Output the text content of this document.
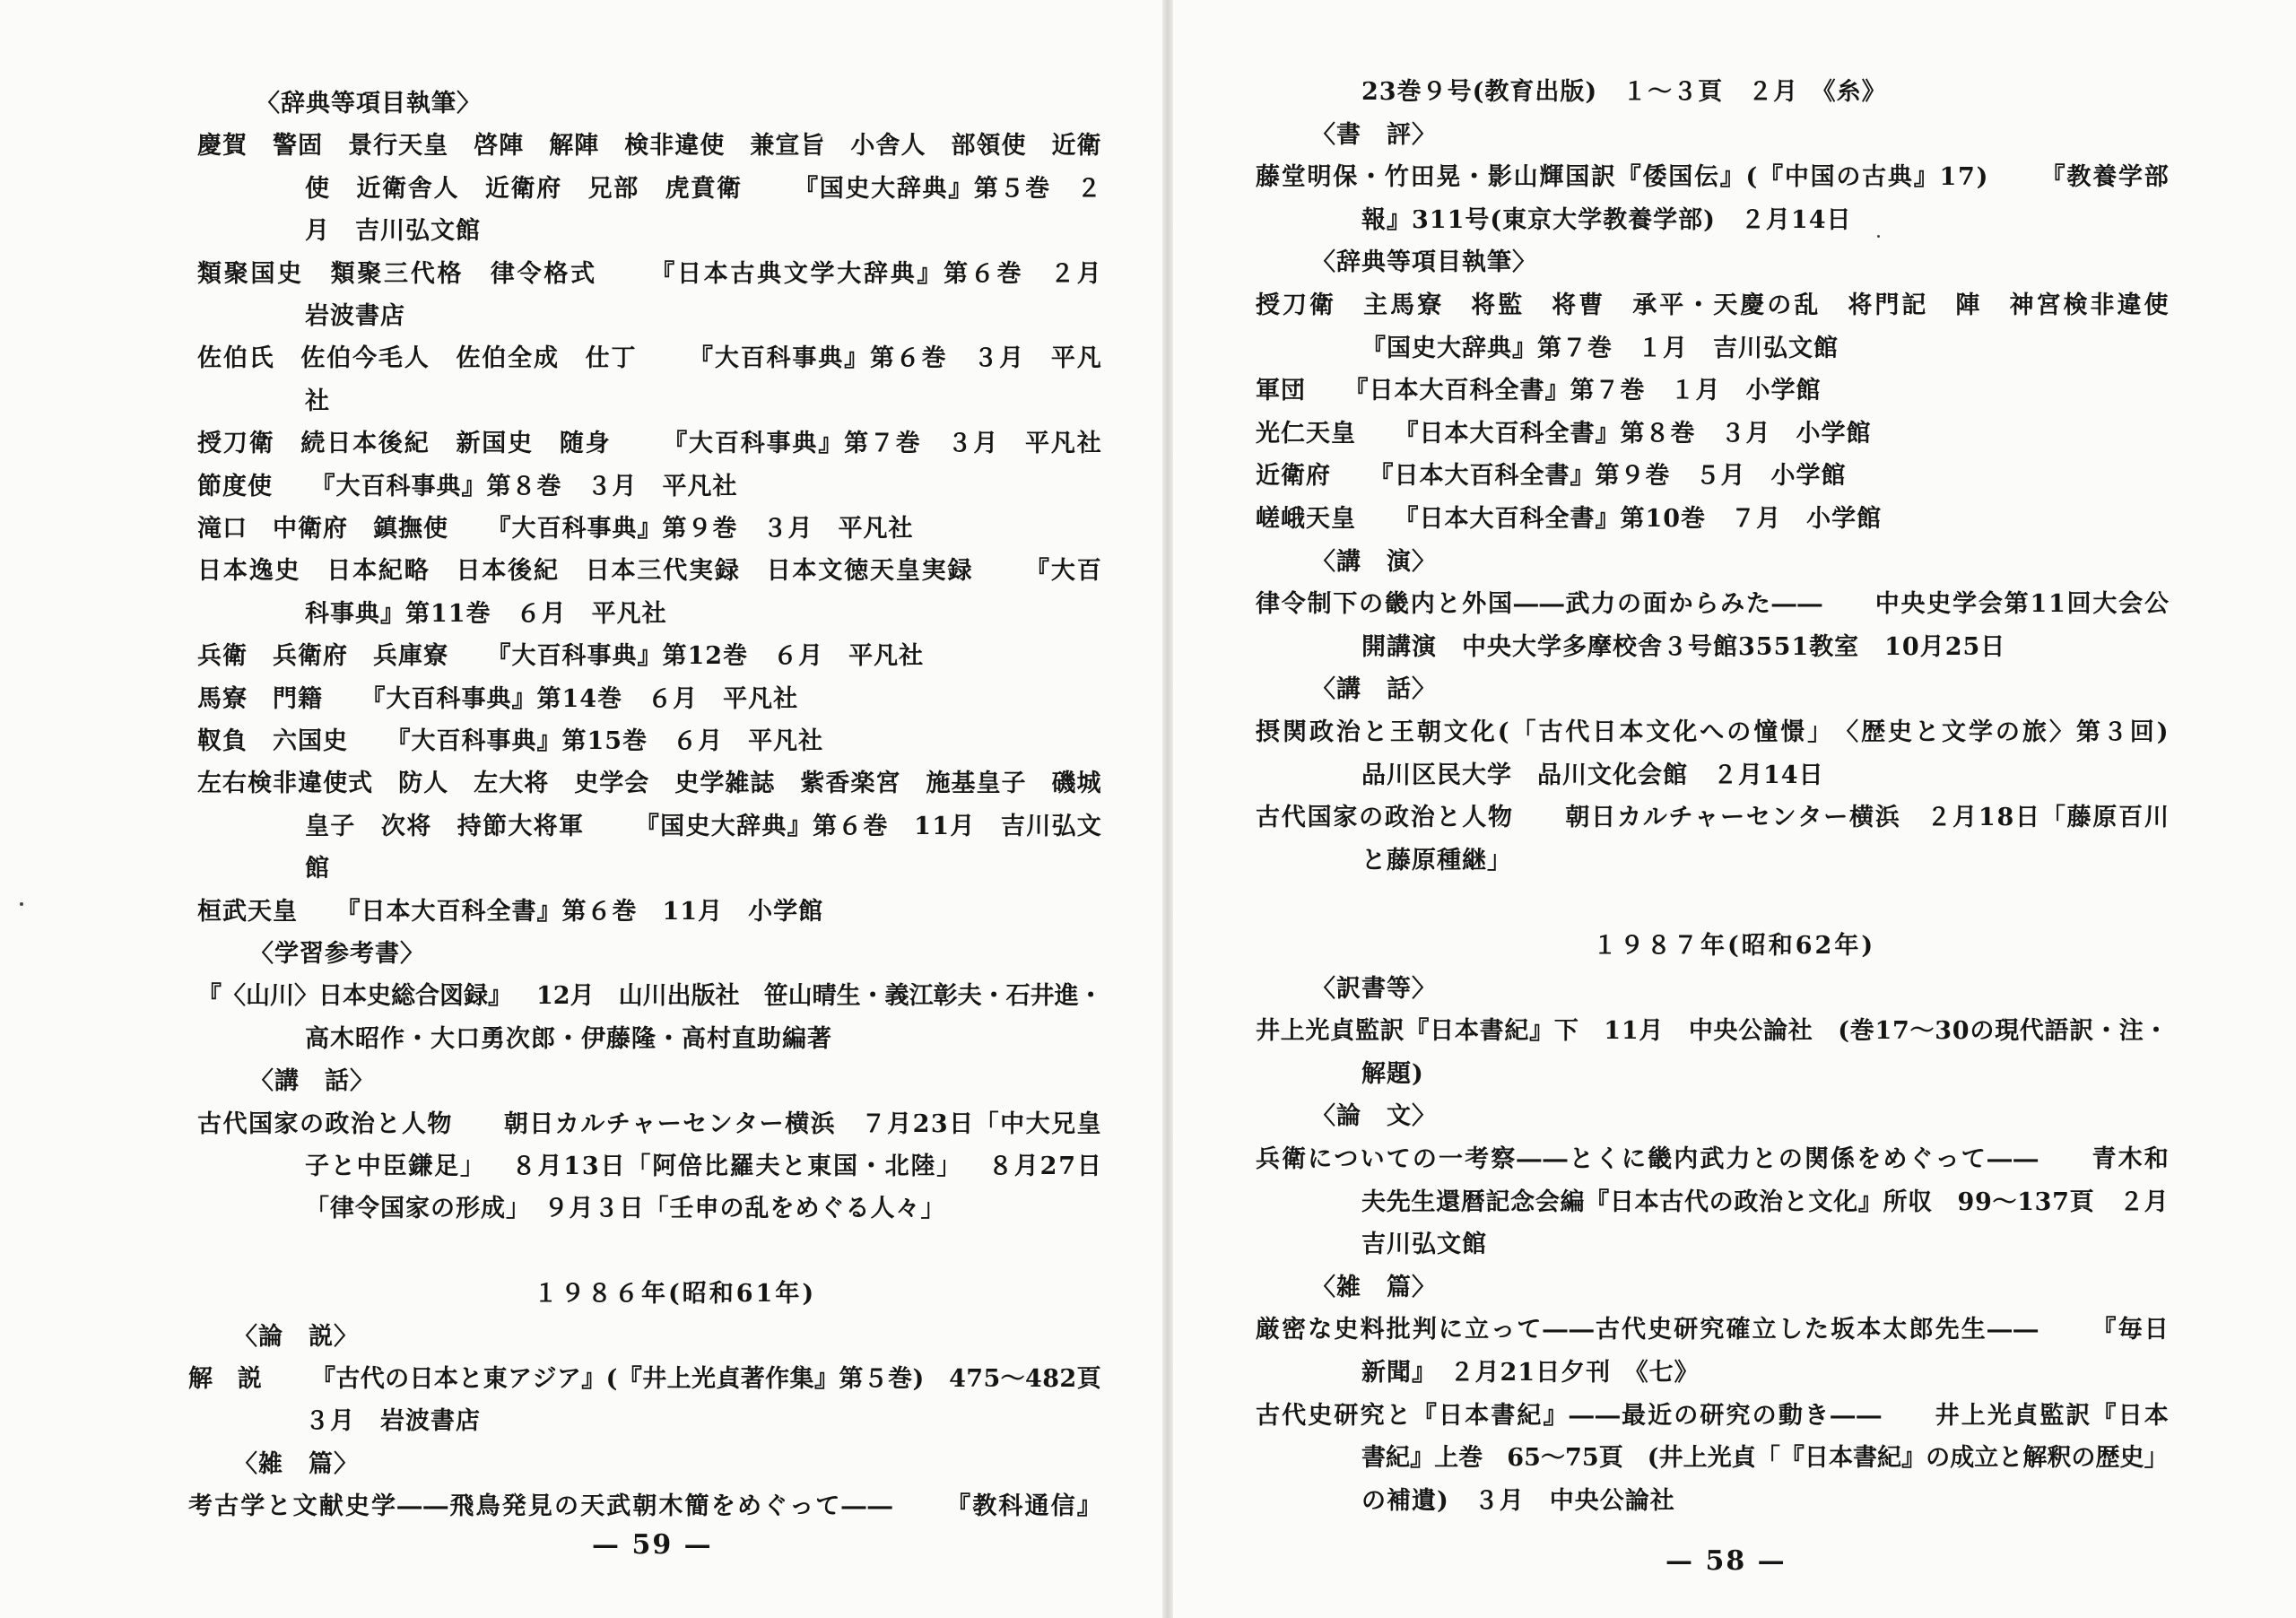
〈辞典等項目執筆〉
慶 賀
　 警 固
　 景 行 天 皇
　 啓 陣
　 解 陣
　 検 非 違 使
　 兼 宣 旨
　 小 舎 人
　 部 領 使
　 近 衛
使
　 近 衛 舎 人
　 近 衛 府
　 兄 部
　 虎 賁 衛

　 『 国 史 大 辞 典 』 第 ５ 巻
　 ２
月　吉川弘文館
類 聚 国 史
　 類 聚 三 代 格
　 律 令 格 式

　 『 日 本 古 典 文 学 大 辞 典 』 第 ６ 巻
　 ２ 月
岩波書店
佐 伯 氏
　 佐 伯 今 毛 人
　 佐 伯 全 成
　 仕 丁

　 『 大 百 科 事 典 』 第 ６ 巻
　 ３ 月
　 平 凡
社
授 刀 衛
　 続 日 本 後 紀
　 新 国 史
　 随 身

　 『 大 百 科 事 典 』 第 ７ 巻
　 ３ 月
　 平 凡 社
節度使　　『大百科事典』第８巻　３月　平凡社
滝口　中衛府　鎮撫使　　『大百科事典』第９巻　３月　平凡社
日 本 逸 史
　 日 本 紀 略
　 日 本 後 紀
　 日 本 三 代 実 録
　 日 本 文 徳 天 皇 実 録

　 『 大 百
科事典』第11巻　６月　平凡社
兵衛　兵衛府　兵庫寮　　『大百科事典』第12巻　６月　平凡社
馬寮　門籍　　『大百科事典』第14巻　６月　平凡社
靫負　六国史　　『大百科事典』第15巻　６月　平凡社
左 右 検 非 違 使 式
　 防 人
　 左 大 将
　 史 学 会
　 史 学 雑 誌
　 紫 香 楽 宮
　 施 基 皇 子
　 磯 城
皇 子
　 次 将
　 持 節 大 将 軍

　 『 国 史 大 辞 典 』 第 ６ 巻
　 1 1 月
　 吉 川 弘 文
館
桓武天皇　　『日本大百科全書』第６巻　11月　小学館
〈学習参考書〉
『 〈 山 川 〉 日 本 史 総 合 図 録 』
　 1 2 月
　 山 川 出 版 社
　 笹 山 晴 生 ・ 義 江 彰 夫 ・ 石 井 進 ・
高木昭作・大口勇次郎・伊藤隆・高村直助編著
〈講　話〉
古 代 国 家 の 政 治 と 人 物

　 朝 日 カ ル チ ャ ー セ ン タ ー 横 浜
　 ７ 月 2 3 日 「 中 大 兄 皇
子 と 中 臣 鎌 足 」
　 ８ 月 1 3 日 「 阿 倍 比 羅 夫 と 東 国 ・ 北 陸 」
　 ８ 月 2 7 日
「律令国家の形成」　９月３日「壬申の乱をめぐる人々」
１９８６年(昭和61年)
〈論　説〉
解
　 説

　 『 古 代 の 日 本 と 東 ア ジ ア 』 ( 『 井 上 光 貞 著 作 集 』 第 ５ 巻 )
　 4 7 5 ～ 4 8 2 頁
３月　岩波書店
〈雑　篇〉
考 古 学 と 文 献 史 学 ― ― 飛 鳥 発 見 の 天 武 朝 木 簡 を め ぐ っ て ― ―

　 『 教 科 通 信 』
— 59 —
23巻９号(教育出版)　１～３頁　２月　《糸》
〈書　評〉
藤 堂 明 保 ・ 竹 田 晃 ・ 影 山 輝 国 訳 『 倭 国 伝 』 ( 『 中 国 の 古 典 』 1 7 )

　 『 教 養 学 部
報』311号(東京大学教養学部)　２月14日
〈辞典等項目執筆〉
授 刀 衛
　 主 馬 寮
　 将 監
　 将 曹
　 承 平 ・ 天 慶 の 乱
　 将 門 記
　 陣
　 神 宮 検 非 違 使
『国史大辞典』第７巻　１月　吉川弘文館
軍団　　『日本大百科全書』第７巻　１月　小学館
光仁天皇　　『日本大百科全書』第８巻　３月　小学館
近衛府　　『日本大百科全書』第９巻　５月　小学館
嵯峨天皇　　『日本大百科全書』第10巻　７月　小学館
〈講　演〉
律 令 制 下 の 畿 内 と 外 国 ― ― 武 力 の 面 か ら み た ― ―

　 中 央 史 学 会 第 1 1 回 大 会 公
開講演　中央大学多摩校舎３号館3551教室　10月25日
〈講　話〉
摂 関 政 治 と 王 朝 文 化 ( 「 古 代 日 本 文 化 へ の 憧 憬 」 〈 歴 史 と 文 学 の 旅 〉 第 ３ 回 )
品川区民大学　品川文化会館　２月14日
古 代 国 家 の 政 治 と 人 物

　 朝 日 カ ル チ ャ ー セ ン タ ー 横 浜
　 ２ 月 1 8 日 「 藤 原 百 川
と藤原種継」
１９８７年(昭和62年)
〈訳書等〉
井 上 光 貞 監 訳 『 日 本 書 紀 』 下
　 1 1 月
　 中 央 公 論 社
　 ( 巻 1 7 ～ 3 0 の 現 代 語 訳 ・ 注 ・
解題)
〈論　文〉
兵 衛 に つ い て の 一 考 察 ― ― と く に 畿 内 武 力 と の 関 係 を め ぐ っ て ― ―

　 青 木 和
夫 先 生 還 暦 記 念 会 編 『 日 本 古 代 の 政 治 と 文 化 』 所 収
　 9 9 ～ 1 3 7 頁
　 ２ 月
吉川弘文館
〈雑　篇〉
厳 密 な 史 料 批 判 に 立 っ て ― ― 古 代 史 研 究 確 立 し た 坂 本 太 郎 先 生 ― ―

　 『 毎 日
新聞』　２月21日夕刊　《七》
古 代 史 研 究 と 『 日 本 書 紀 』 ― ― 最 近 の 研 究 の 動 き ― ―

　 井 上 光 貞 監 訳 『 日 本
書 紀 』 上 巻
　 6 5 ～ 7 5 頁
　 ( 井 上 光 貞 「 『 日 本 書 紀 』 の 成 立 と 解 釈 の 歴 史 」
の補遺)　３月　中央公論社
— 58 —
